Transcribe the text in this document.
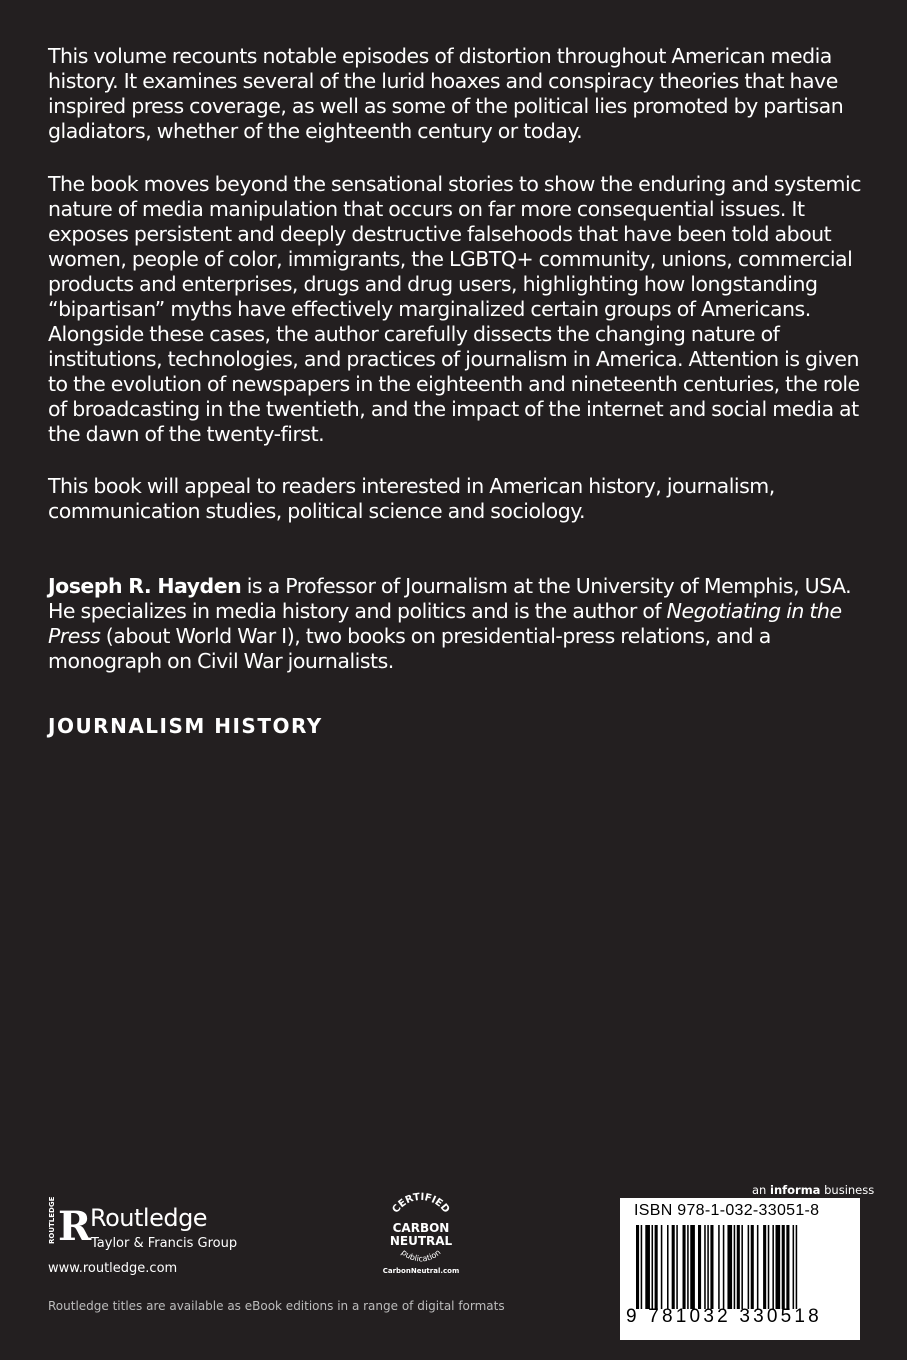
This volume recounts notable episodes of distortion throughout American media history. It examines several of the lurid hoaxes and conspiracy theories that have inspired press coverage, as well as some of the political lies promoted by partisan gladiators, whether of the eighteenth century or today.

The book moves beyond the sensational stories to show the enduring and systemic nature of media manipulation that occurs on far more consequential issues. It exposes persistent and deeply destructive falsehoods that have been told about women, people of color, immigrants, the LGBTQ+ community, unions, commercial products and enterprises, drugs and drug users, highlighting how longstanding “bipartisan” myths have effectively marginalized certain groups of Americans. Alongside these cases, the author carefully dissects the changing nature of institutions, technologies, and practices of journalism in America. Attention is given to the evolution of newspapers in the eighteenth and nineteenth centuries, the role of broadcasting in the twentieth, and the impact of the internet and social media at the dawn of the twenty-first.

This book will appeal to readers interested in American history, journalism, communication studies, political science and sociology.

Joseph R. Hayden is a Professor of Journalism at the University of Memphis, USA. He specializes in media history and politics and is the author of Negotiating in the Press (about World War I), two books on presidential-press relations, and a monograph on Civil War journalists.

JOURNALISM HISTORY
ROUTLEDGE R
Routledge
Taylor & Francis Group
www.routledge.com
Routledge titles are available as eBook editions in a range of digital formats
CERTIFIED
CARBON
NEUTRAL
publication
CarbonNeutral.com
an informa business
ISBN 978-1-032-33051-8
9 781032 330518
